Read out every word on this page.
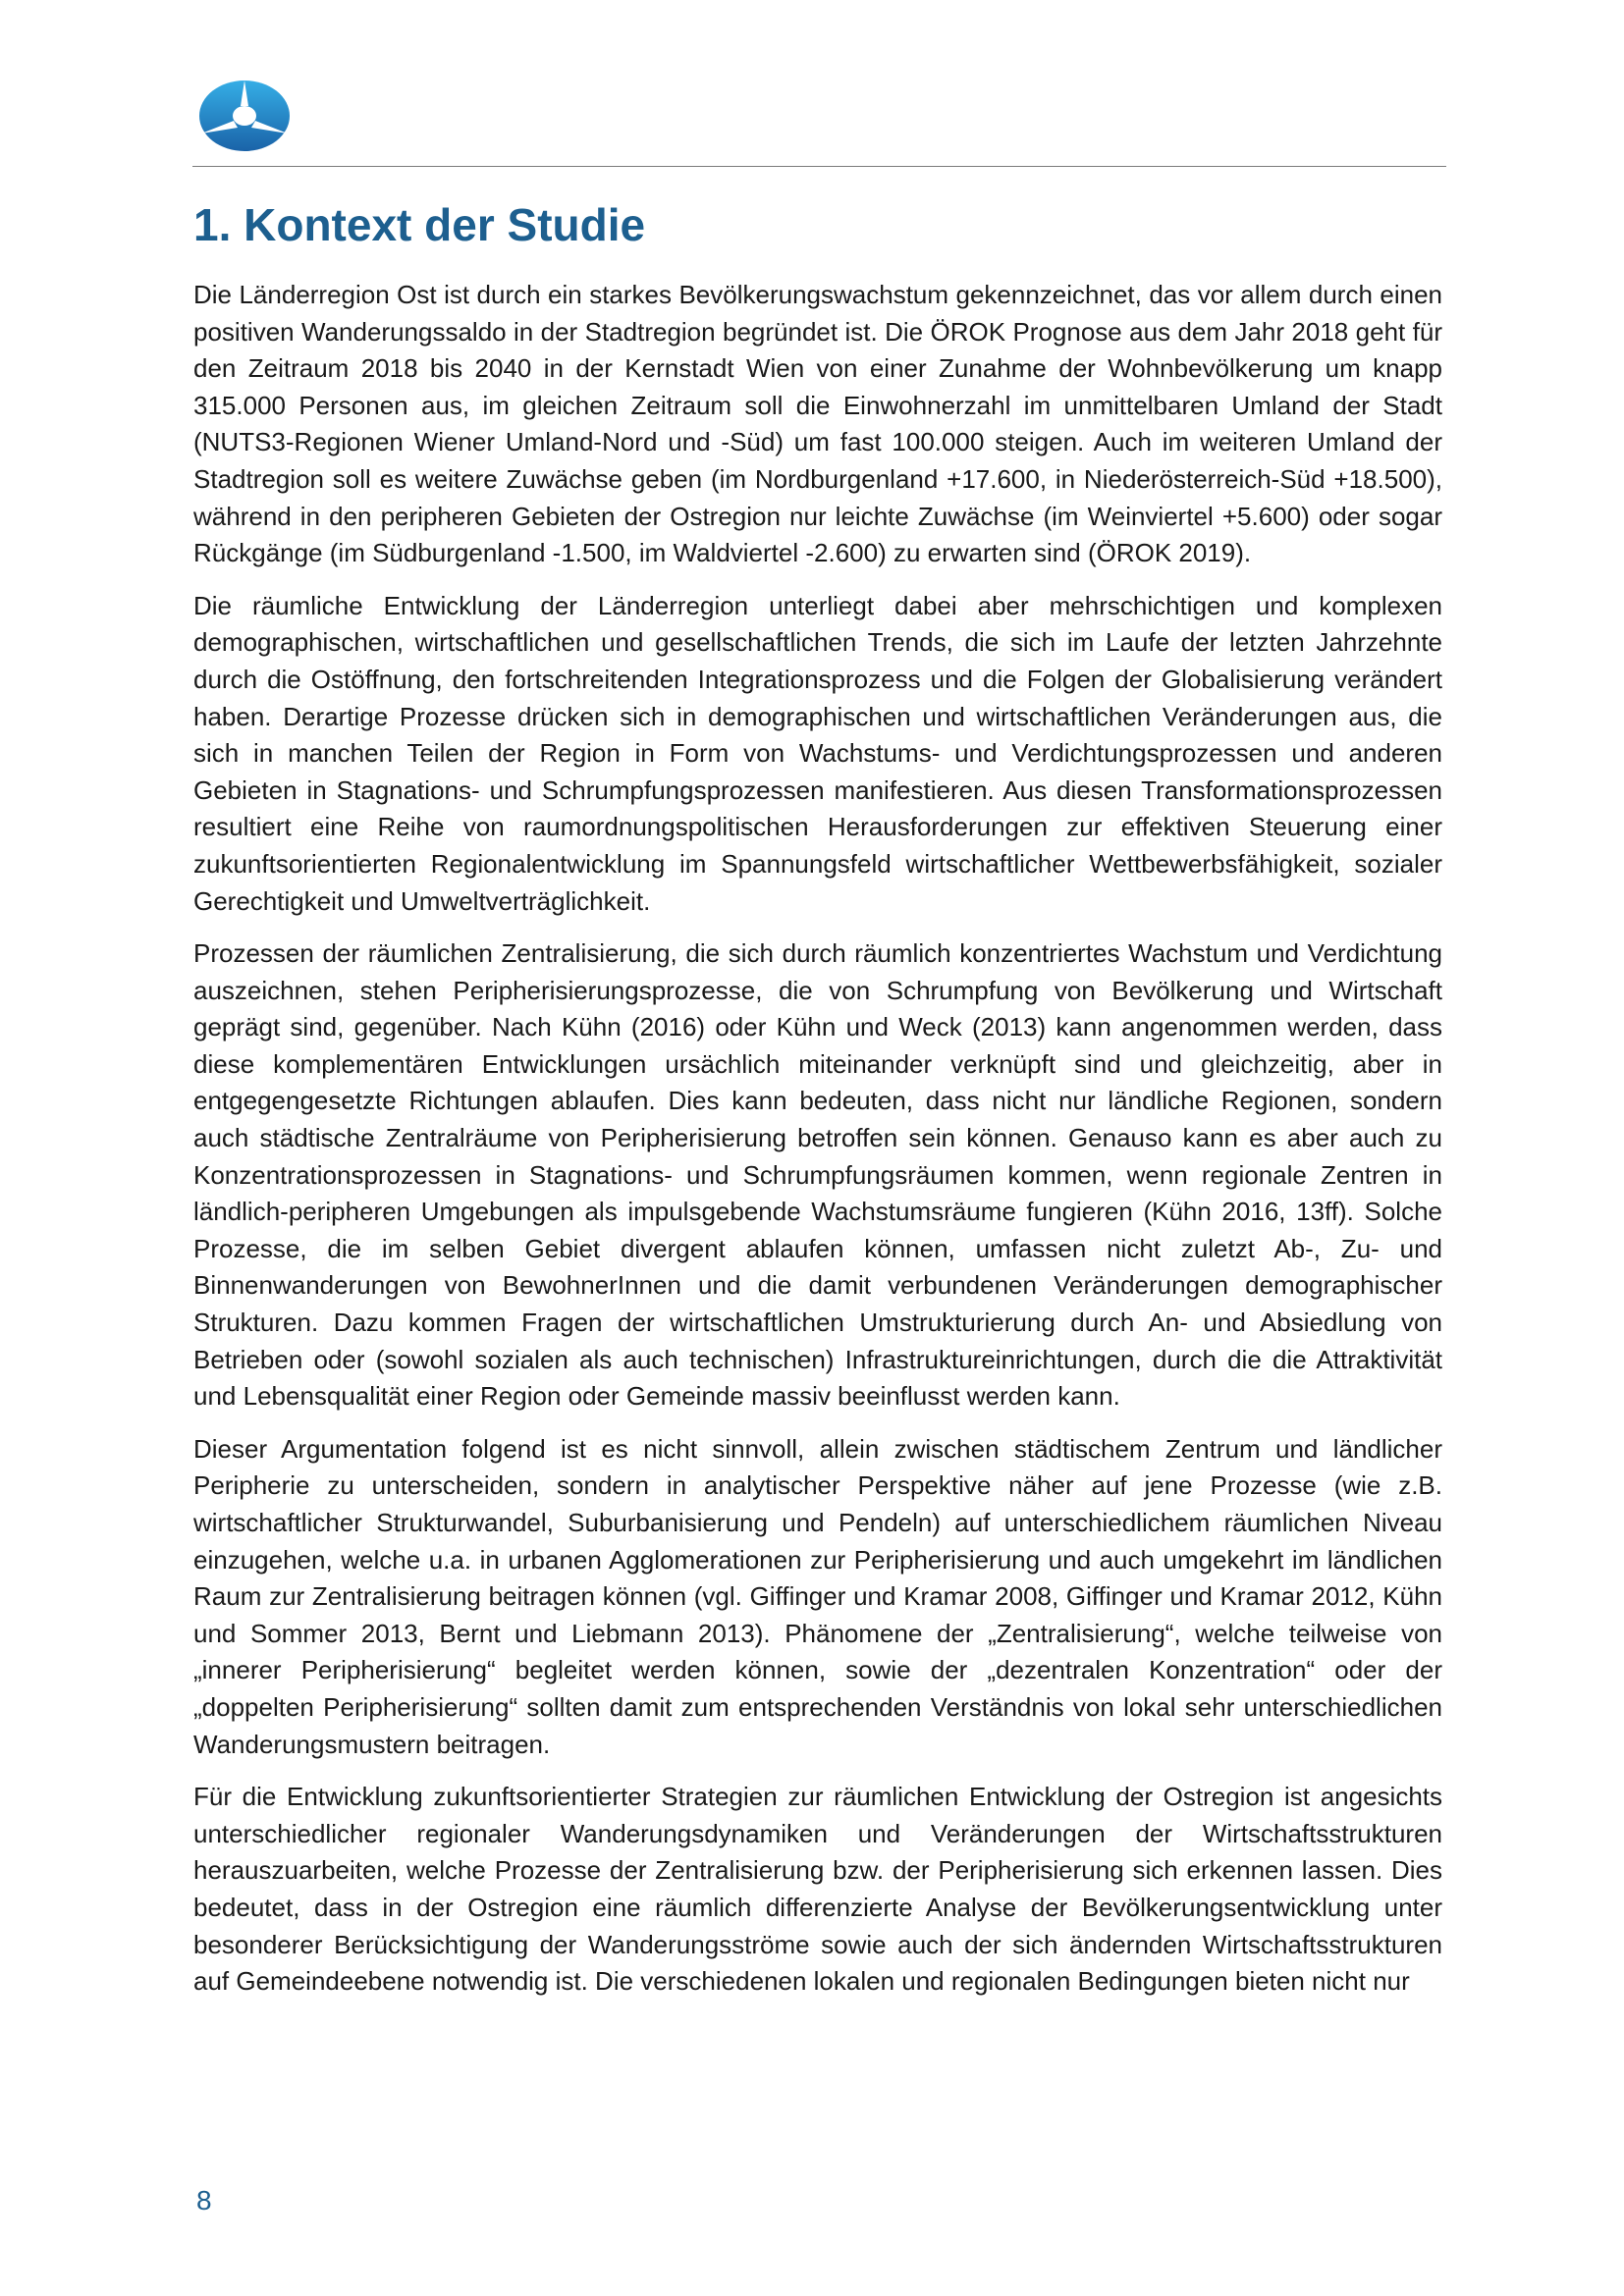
1. Kontext der Studie

Die Länderregion Ost ist durch ein starkes Bevölkerungswachstum gekennzeichnet, das vor allem durch einen positiven Wanderungssaldo in der Stadtregion begründet ist. Die ÖROK Prognose aus dem Jahr 2018 geht für den Zeitraum 2018 bis 2040 in der Kernstadt Wien von einer Zunahme der Wohnbevölkerung um knapp 315.000 Personen aus, im gleichen Zeitraum soll die Einwohnerzahl im unmittelbaren Umland der Stadt (NUTS3-Regionen Wiener Umland-Nord und -Süd) um fast 100.000 steigen. Auch im weiteren Umland der Stadtregion soll es weitere Zuwächse geben (im Nordburgenland +17.600, in Niederösterreich-Süd +18.500), während in den peripheren Gebieten der Ostregion nur leichte Zuwächse (im Weinviertel +5.600) oder sogar Rückgänge (im Südburgenland -1.500, im Waldviertel -2.600) zu erwarten sind (ÖROK 2019).

Die räumliche Entwicklung der Länderregion unterliegt dabei aber mehrschichtigen und komplexen demographischen, wirtschaftlichen und gesellschaftlichen Trends, die sich im Laufe der letzten Jahrzehnte durch die Ostöffnung, den fortschreitenden Integrationsprozess und die Folgen der Globalisierung verändert haben. Derartige Prozesse drücken sich in demographischen und wirtschaftlichen Veränderungen aus, die sich in manchen Teilen der Region in Form von Wachstums- und Verdichtungsprozessen und anderen Gebieten in Stagnations- und Schrumpfungsprozessen manifestieren. Aus diesen Transformationsprozessen resultiert eine Reihe von raumordnungspolitischen Herausforderungen zur effektiven Steuerung einer zukunftsorientierten Regionalentwicklung im Spannungsfeld wirtschaftlicher Wettbewerbsfähigkeit, sozialer Gerechtigkeit und Umweltverträglichkeit.

Prozessen der räumlichen Zentralisierung, die sich durch räumlich konzentriertes Wachstum und Verdichtung auszeichnen, stehen Peripherisierungsprozesse, die von Schrumpfung von Bevölkerung und Wirtschaft geprägt sind, gegenüber. Nach Kühn (2016) oder Kühn und Weck (2013) kann angenommen werden, dass diese komplementären Entwicklungen ursächlich miteinander verknüpft sind und gleichzeitig, aber in entgegengesetzte Richtungen ablaufen. Dies kann bedeuten, dass nicht nur ländliche Regionen, sondern auch städtische Zentralräume von Peripherisierung betroffen sein können. Genauso kann es aber auch zu Konzentrationsprozessen in Stagnations- und Schrumpfungsräumen kommen, wenn regionale Zentren in ländlich-peripheren Umgebungen als impulsgebende Wachstumsräume fungieren (Kühn 2016, 13ff). Solche Prozesse, die im selben Gebiet divergent ablaufen können, umfassen nicht zuletzt Ab-, Zu- und Binnenwanderungen von BewohnerInnen und die damit verbundenen Veränderungen demographischer Strukturen. Dazu kommen Fragen der wirtschaftlichen Umstrukturierung durch An- und Absiedlung von Betrieben oder (sowohl sozialen als auch technischen) Infrastruktureinrichtungen, durch die die Attraktivität und Lebensqualität einer Region oder Gemeinde massiv beeinflusst werden kann.

Dieser Argumentation folgend ist es nicht sinnvoll, allein zwischen städtischem Zentrum und ländlicher Peripherie zu unterscheiden, sondern in analytischer Perspektive näher auf jene Prozesse (wie z.B. wirtschaftlicher Strukturwandel, Suburbanisierung und Pendeln) auf unterschiedlichem räumlichen Niveau einzugehen, welche u.a. in urbanen Agglomerationen zur Peripherisierung und auch umgekehrt im ländlichen Raum zur Zentralisierung beitragen können (vgl. Giffinger und Kramar 2008, Giffinger und Kramar 2012, Kühn und Sommer 2013, Bernt und Liebmann 2013). Phänomene der „Zentralisierung“, welche teilweise von „innerer Peripherisierung“ begleitet werden können, sowie der „dezentralen Konzentration“ oder der „doppelten Peripherisierung“ sollten damit zum entsprechenden Verständnis von lokal sehr unterschiedlichen Wanderungsmustern beitragen.

Für die Entwicklung zukunftsorientierter Strategien zur räumlichen Entwicklung der Ostregion ist angesichts unterschiedlicher regionaler Wanderungsdynamiken und Veränderungen der Wirtschaftsstrukturen herauszuarbeiten, welche Prozesse der Zentralisierung bzw. der Peripherisierung sich erkennen lassen. Dies bedeutet, dass in der Ostregion eine räumlich differenzierte Analyse der Bevölkerungsentwicklung unter besonderer Berücksichtigung der Wanderungsströme sowie auch der sich ändernden Wirtschaftsstrukturen auf Gemeindeebene notwendig ist. Die verschiedenen lokalen und regionalen Bedingungen bieten nicht nur

8
